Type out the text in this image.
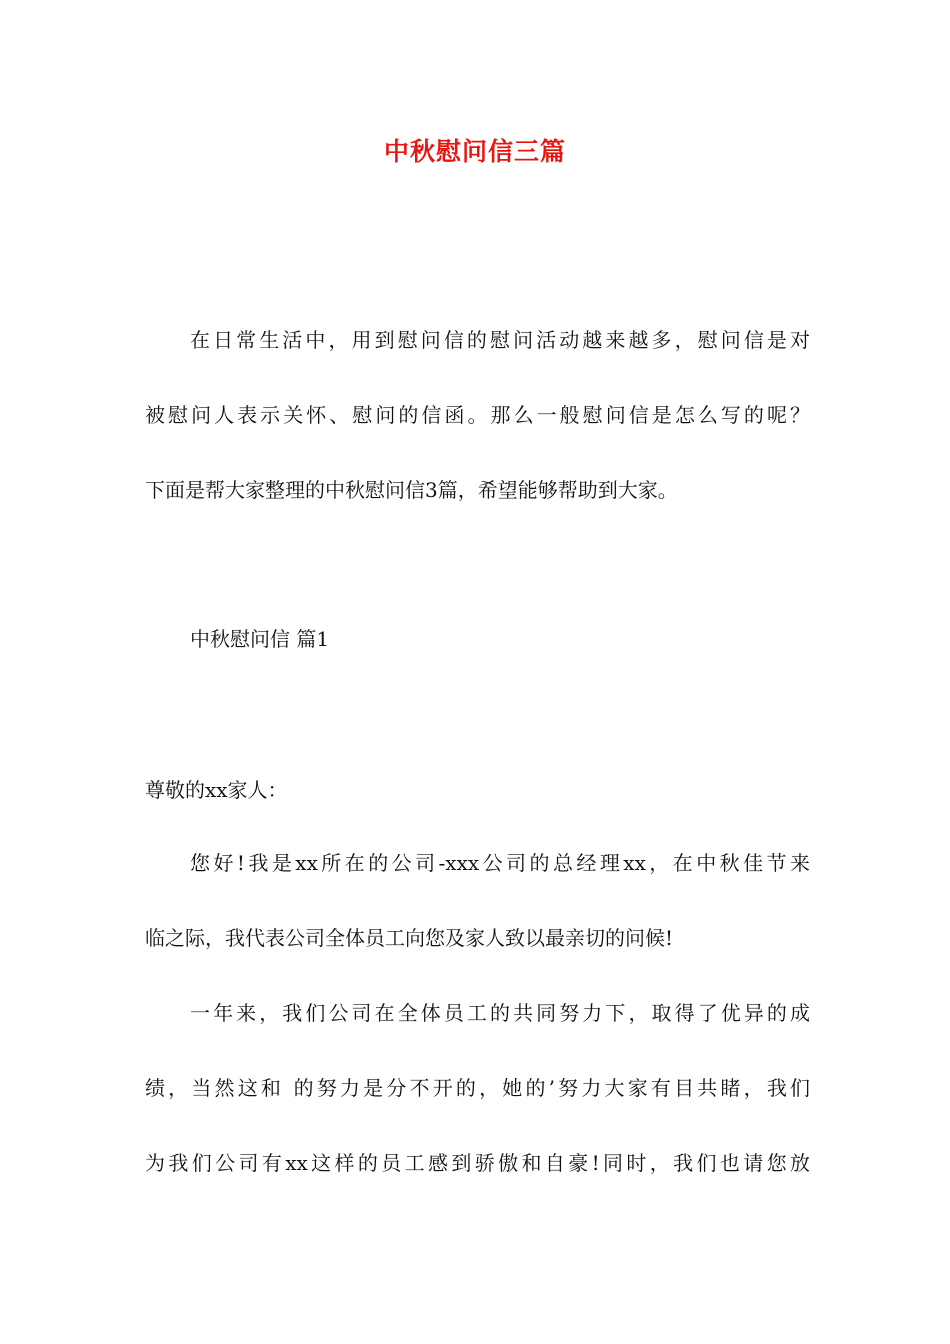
中秋慰问信三篇
在日常生活中，用到慰问信的慰问活动越来越多，慰问信是对
被慰问人表示关怀、慰问的信函。那么一般慰问信是怎么写的呢？
下面是帮大家整理的中秋慰问信3篇，希望能够帮助到大家。
中秋慰问信 篇1
尊敬的xx家人：
您好!我是xx所在的公司-xxx公司的总经理xx，在中秋佳节来
临之际，我代表公司全体员工向您及家人致以最亲切的问候!
一年来，我们公司在全体员工的共同努力下，取得了优异的成
绩，当然这和 的努力是分不开的，她的’努力大家有目共睹，我们
为我们公司有xx这样的员工感到骄傲和自豪!同时，我们也请您放
